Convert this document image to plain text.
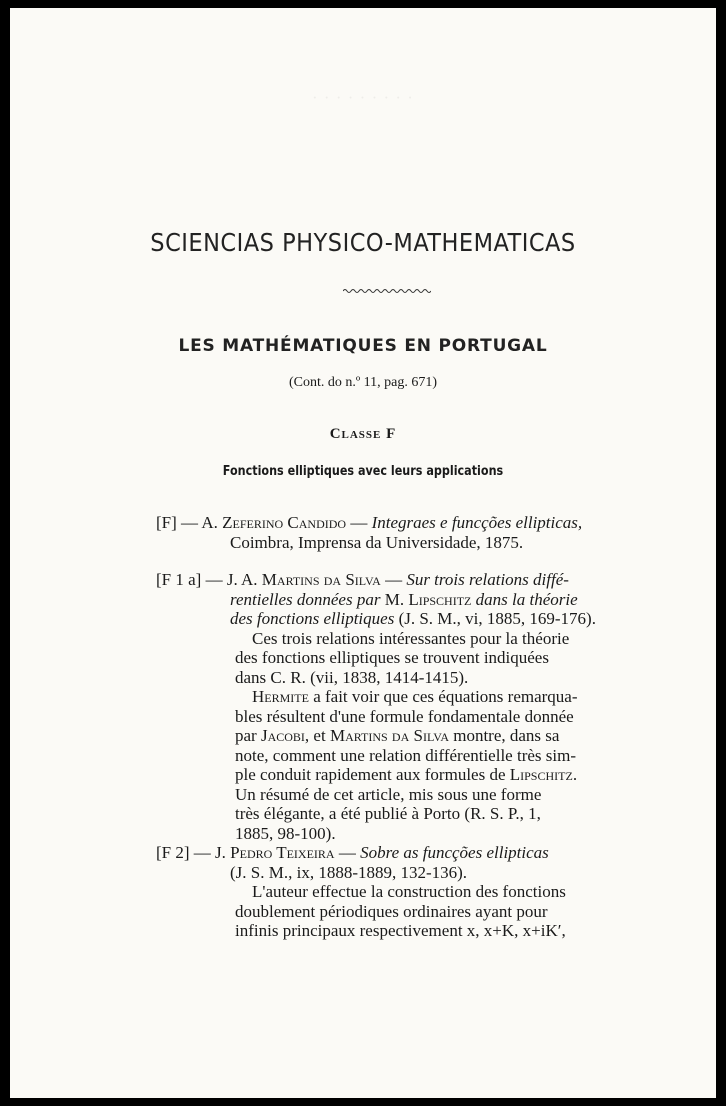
· · · · · · · · ·
SCIENCIAS PHYSICO-MATHEMATICAS
LES MATHÉMATIQUES EN PORTUGAL
(Cont. do n.º 11, pag. 671)
Classe F
Fonctions elliptiques avec leurs applications
[F] — A. Zeferino Candido — Integraes e funcções ellipticas,
Coimbra, Imprensa da Universidade, 1875.
[F 1 a] — J. A. Martins da Silva — Sur trois relations diffé-
rentielles données par M. Lipschitz dans la théorie
des fonctions elliptiques (J. S. M., vi, 1885, 169-176).
Ces trois relations intéressantes pour la théorie
des fonctions elliptiques se trouvent indiquées
dans C. R. (vii, 1838, 1414-1415).
Hermite a fait voir que ces équations remarqua-
bles résultent d'une formule fondamentale donnée
par Jacobi, et Martins da Silva montre, dans sa
note, comment une relation différentielle très sim-
ple conduit rapidement aux formules de Lipschitz.
Un résumé de cet article, mis sous une forme
très élégante, a été publié à Porto (R. S. P., 1,
1885, 98-100).
[F 2] — J. Pedro Teixeira — Sobre as funcções ellipticas
(J. S. M., ix, 1888-1889, 132-136).
L'auteur effectue la construction des fonctions
doublement périodiques ordinaires ayant pour
infinis principaux respectivement x, x+K, x+iK′,
